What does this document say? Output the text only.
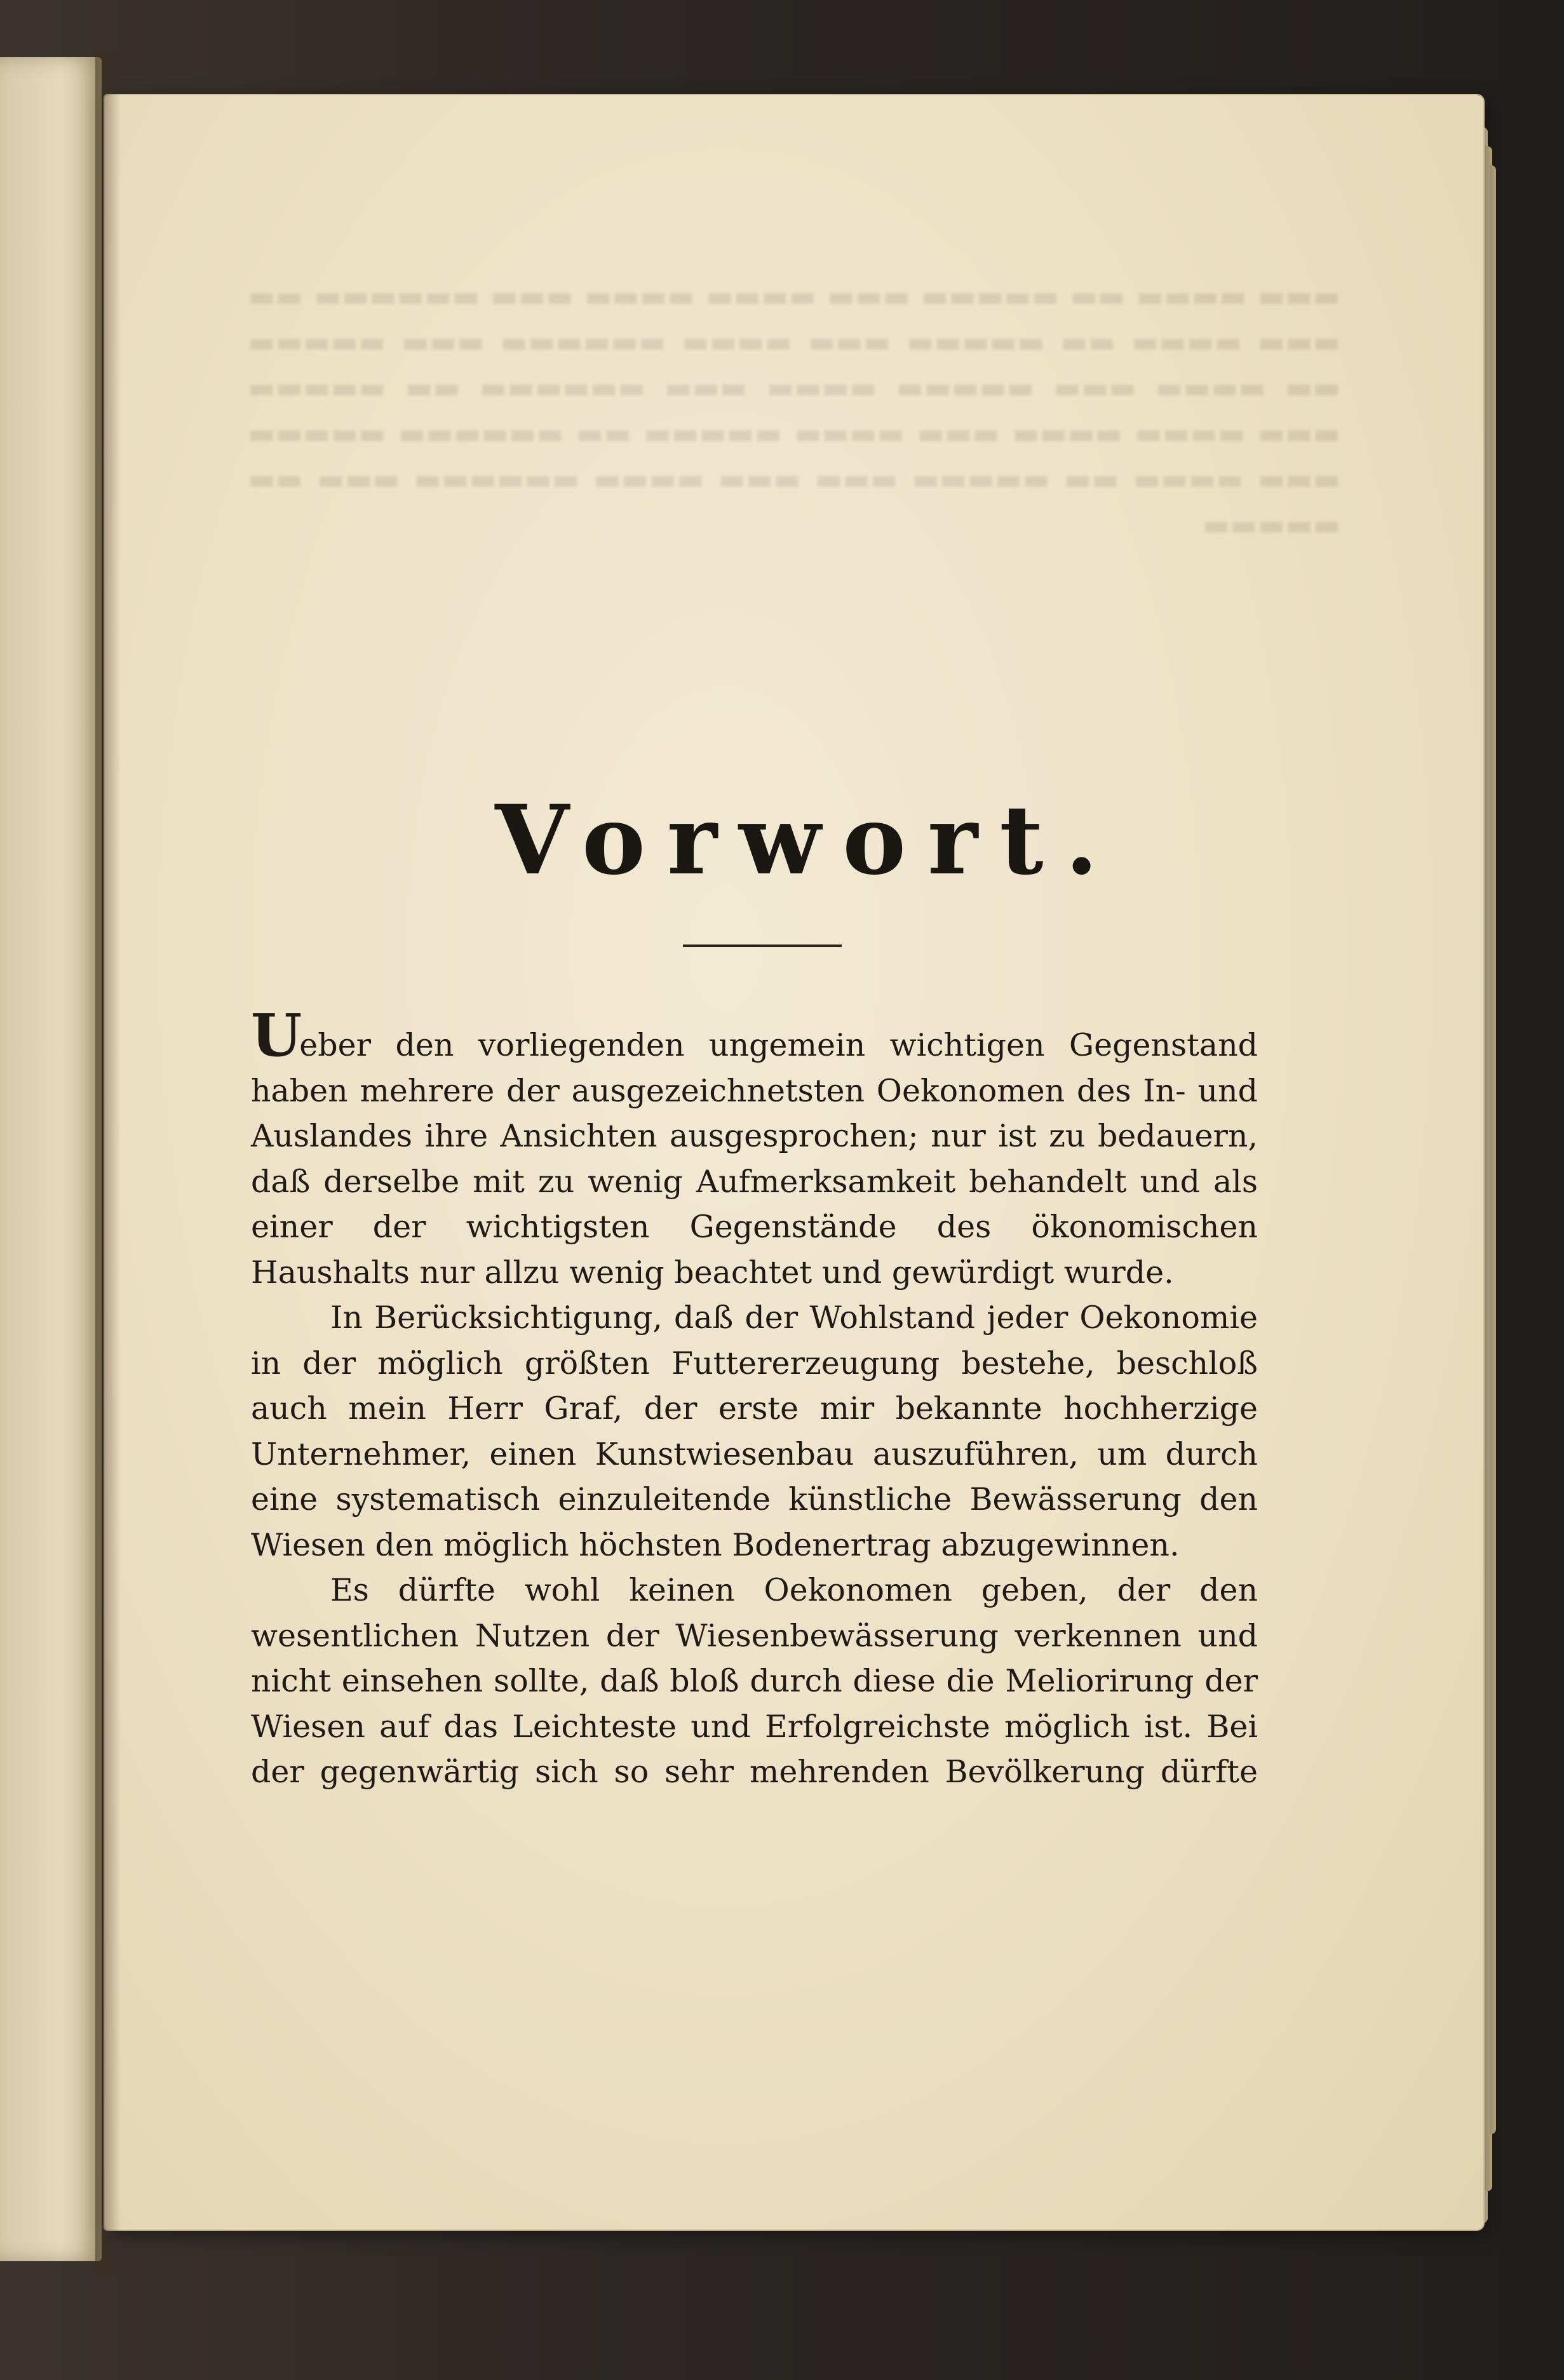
▬▬▬ ▬▬▬▬ ▬▬ ▬▬▬▬▬ ▬▬▬ ▬▬▬▬ ▬▬▬▬ ▬▬▬ ▬▬▬▬▬▬ ▬▬ ▬▬▬ ▬▬▬▬ ▬▬ ▬▬▬▬▬ ▬▬▬ ▬▬▬▬ ▬▬▬▬▬▬ ▬▬▬ ▬▬▬▬▬ ▬▬ ▬▬▬▬ ▬▬▬ ▬▬▬▬▬ ▬▬▬▬ ▬▬▬ ▬▬▬▬▬▬ ▬▬ ▬▬▬▬▬ ▬▬▬ ▬▬▬▬ ▬▬▬▬ ▬▬▬ ▬▬▬▬ ▬▬▬▬▬ ▬▬ ▬▬▬▬▬▬ ▬▬▬▬▬ ▬▬▬ ▬▬▬▬ ▬▬ ▬▬▬▬▬ ▬▬▬ ▬▬▬ ▬▬▬▬ ▬▬▬▬▬▬ ▬▬▬ ▬▬ ▬▬▬▬▬
Vorwort.

Ueber den vorliegenden ungemein wichtigen Gegenstand haben mehrere der ausgezeichnetsten Oekonomen des In- und Auslandes ihre Ansichten ausgesprochen; nur ist zu bedauern, daß derselbe mit zu wenig Aufmerksamkeit behandelt und als einer der wichtigsten Gegenstände des ökonomischen Haushalts nur allzu wenig beachtet und gewürdigt wurde.

In Berücksichtigung, daß der Wohlstand jeder Oekonomie in der möglich größten Futtererzeugung bestehe, beschloß auch mein Herr Graf, der erste mir bekannte hochherzige Unternehmer, einen Kunstwiesenbau auszuführen, um durch eine systematisch einzuleitende künstliche Bewässerung den Wiesen den möglich höchsten Bodenertrag abzugewinnen.

Es dürfte wohl keinen Oekonomen geben, der den wesentlichen Nutzen der Wiesenbewässerung verkennen und nicht einsehen sollte, daß bloß durch diese die Meliorirung der Wiesen auf das Leichteste und Erfolgreichste möglich ist. Bei der gegenwärtig sich so sehr mehrenden Bevölkerung dürfte
